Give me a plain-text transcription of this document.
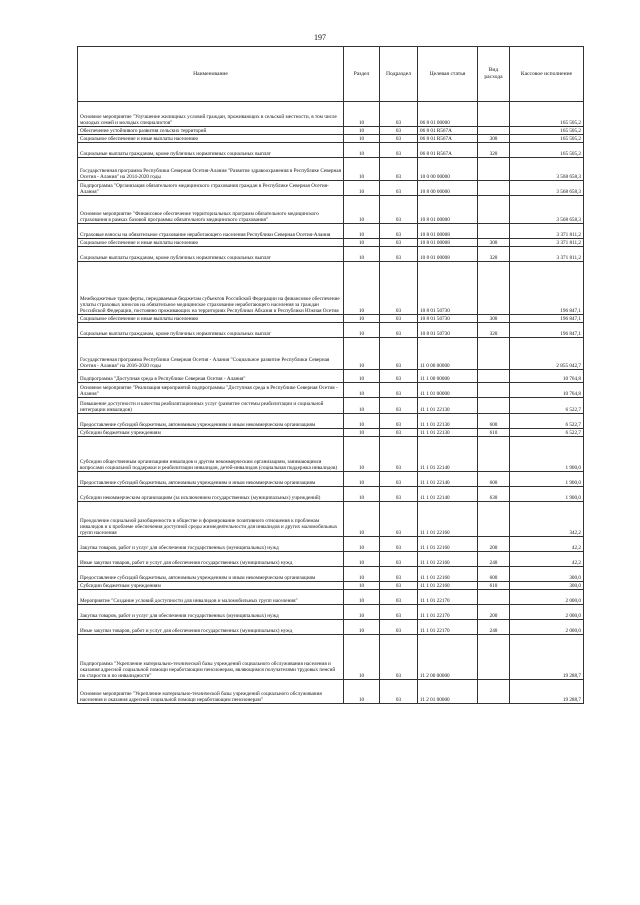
197
Наименование	Раздел	Подраздел	Целевая статья	Вид расхода	Кассовое исполнение
Основное мероприятие "Улучшение жилищных условий граждан, проживающих в сельской местности, в том числе молодых семей и молодых специалистов"	10	03	06 8 01 00000		165 505,2
Обеспечение устойчивого развития сельских территорий	10	03	06 8 01 R567А		165 505,2
Социальное обеспечение и иные выплаты населению	10	03	06 8 01 R567А	300	165 505,2
Социальные выплаты гражданам, кроме публичных нормативных социальных выплат	10	03	06 8 01 R567А	320	165 505,2
Государственная программа Республики Северная Осетия-Алания "Развитие здравоохранения в Республике Северная Осетия - Алания" на 2014-2020 годы	10	03	10 0 00 00000		3 568 658,3
Подпрограмма "Организация обязательного медицинского страхования граждан в Республике Северная Осетия-Алания"	10	03	10 8 00 00000		3 568 658,3
Основное мероприятие "Финансовое обеспечение территориальных программ обязательного медицинского страхования в рамках базовой программы обязательного медицинского страхования"	10	03	10 8 01 00000		3 568 658,3
Страховые взносы на обязательное страхование неработающего населения Республики Северная Осетия-Алания	10	03	10 8 01 00008		3 371 811,2
Социальное обеспечение и иные выплаты населению	10	03	10 8 01 00008	300	3 371 811,2
Социальные выплаты гражданам, кроме публичных нормативных социальных выплат	10	03	10 8 01 00008	320	3 371 811,2
Межбюджетные трансферты, передаваемые бюджетам субъектов Российской Федерации на финансовое обеспечение уплаты страховых взносов на обязательное медицинское страхование неработающего населения за граждан Российской Федерации, постоянно проживающих на территориях Республики Абхазия и Республики Южная Осетия	10	03	10 8 01 50730		196 847,1
Социальное обеспечение и иные выплаты населению	10	03	10 8 01 50730	300	196 847,1
Социальные выплаты гражданам, кроме публичных нормативных социальных выплат	10	03	10 8 01 50730	320	196 847,1
Государственная программа Республики Северная Осетия - Алания "Социальное развитие Республики Северная Осетия - Алания" на 2016-2020 годы	10	03	11 0 00 00000		2 855 042,7
Подпрограмма "Доступная среда в Республике Северная Осетия - Алания"	10	03	11 1 00 00000		10 764,8
Основное мероприятие "Реализация мероприятий подпрограммы "Доступная среда в Республике Северная Осетия - Алания"	10	03	11 1 01 00000		10 764,8
Повышение доступности и качества реабилитационных услуг (развитие системы реабилитации и социальной интеграции инвалидов)	10	03	11 1 01 22130		6 522,7
Предоставление субсидий бюджетным, автономным учреждениям и иным некоммерческим организациям	10	03	11 1 01 22130	600	6 522,7
Субсидии бюджетным учреждениям	10	03	11 1 01 22130	610	6 522,7
Субсидии общественным организациям инвалидов и другим некоммерческим организациям, занимающимся вопросами социальной поддержки и реабилитации инвалидов, детей-инвалидов (социальная поддержка инвалидов)	10	03	11 1 01 22140		1 900,0
Предоставление субсидий бюджетным, автономным учреждениям и иным некоммерческим организациям	10	03	11 1 01 22140	600	1 900,0
Субсидии некоммерческим организациям (за исключением государственных (муниципальных) учреждений)	10	03	11 1 01 22140	630	1 900,0
Преодоление социальной разобщенности в обществе и формирование позитивного отношения к проблемам инвалидов и к проблеме обеспечения доступной среды жизнедеятельности для инвалидов и других маломобильных групп населения	10	03	11 1 01 22160		342,2
Закупка товаров, работ и услуг для обеспечения государственных (муниципальных) нужд	10	03	11 1 01 22160	200	42,2
Иные закупки товаров, работ и услуг для обеспечения государственных (муниципальных) нужд	10	03	11 1 01 22160	240	42,2
Предоставление субсидий бюджетным, автономным учреждениям и иным некоммерческим организациям	10	03	11 1 01 22160	600	300,0
Субсидии бюджетным учреждениям	10	03	11 1 01 22160	610	300,0
Мероприятие "Создание условий доступности для инвалидов и маломобильных групп населения"	10	03	11 1 01 22170		2 000,0
Закупка товаров, работ и услуг для обеспечения государственных (муниципальных) нужд	10	03	11 1 01 22170	200	2 000,0
Иные закупки товаров, работ и услуг для обеспечения государственных (муниципальных) нужд	10	03	11 1 01 22170	240	2 000,0
Подпрограмма "Укрепление материально-технической базы учреждений социального обслуживания населения и оказания адресной социальной помощи неработающим пенсионерам, являющимся получателями трудовых пенсий по старости и по инвалидности"	10	03	11 2 00 00000		19 288,7
Основное мероприятие "Укрепление материально-технической базы учреждений социального обслуживания населения и оказания адресной социальной помощи неработающим пенсионерам"	10	03	11 2 01 00000		19 288,7
